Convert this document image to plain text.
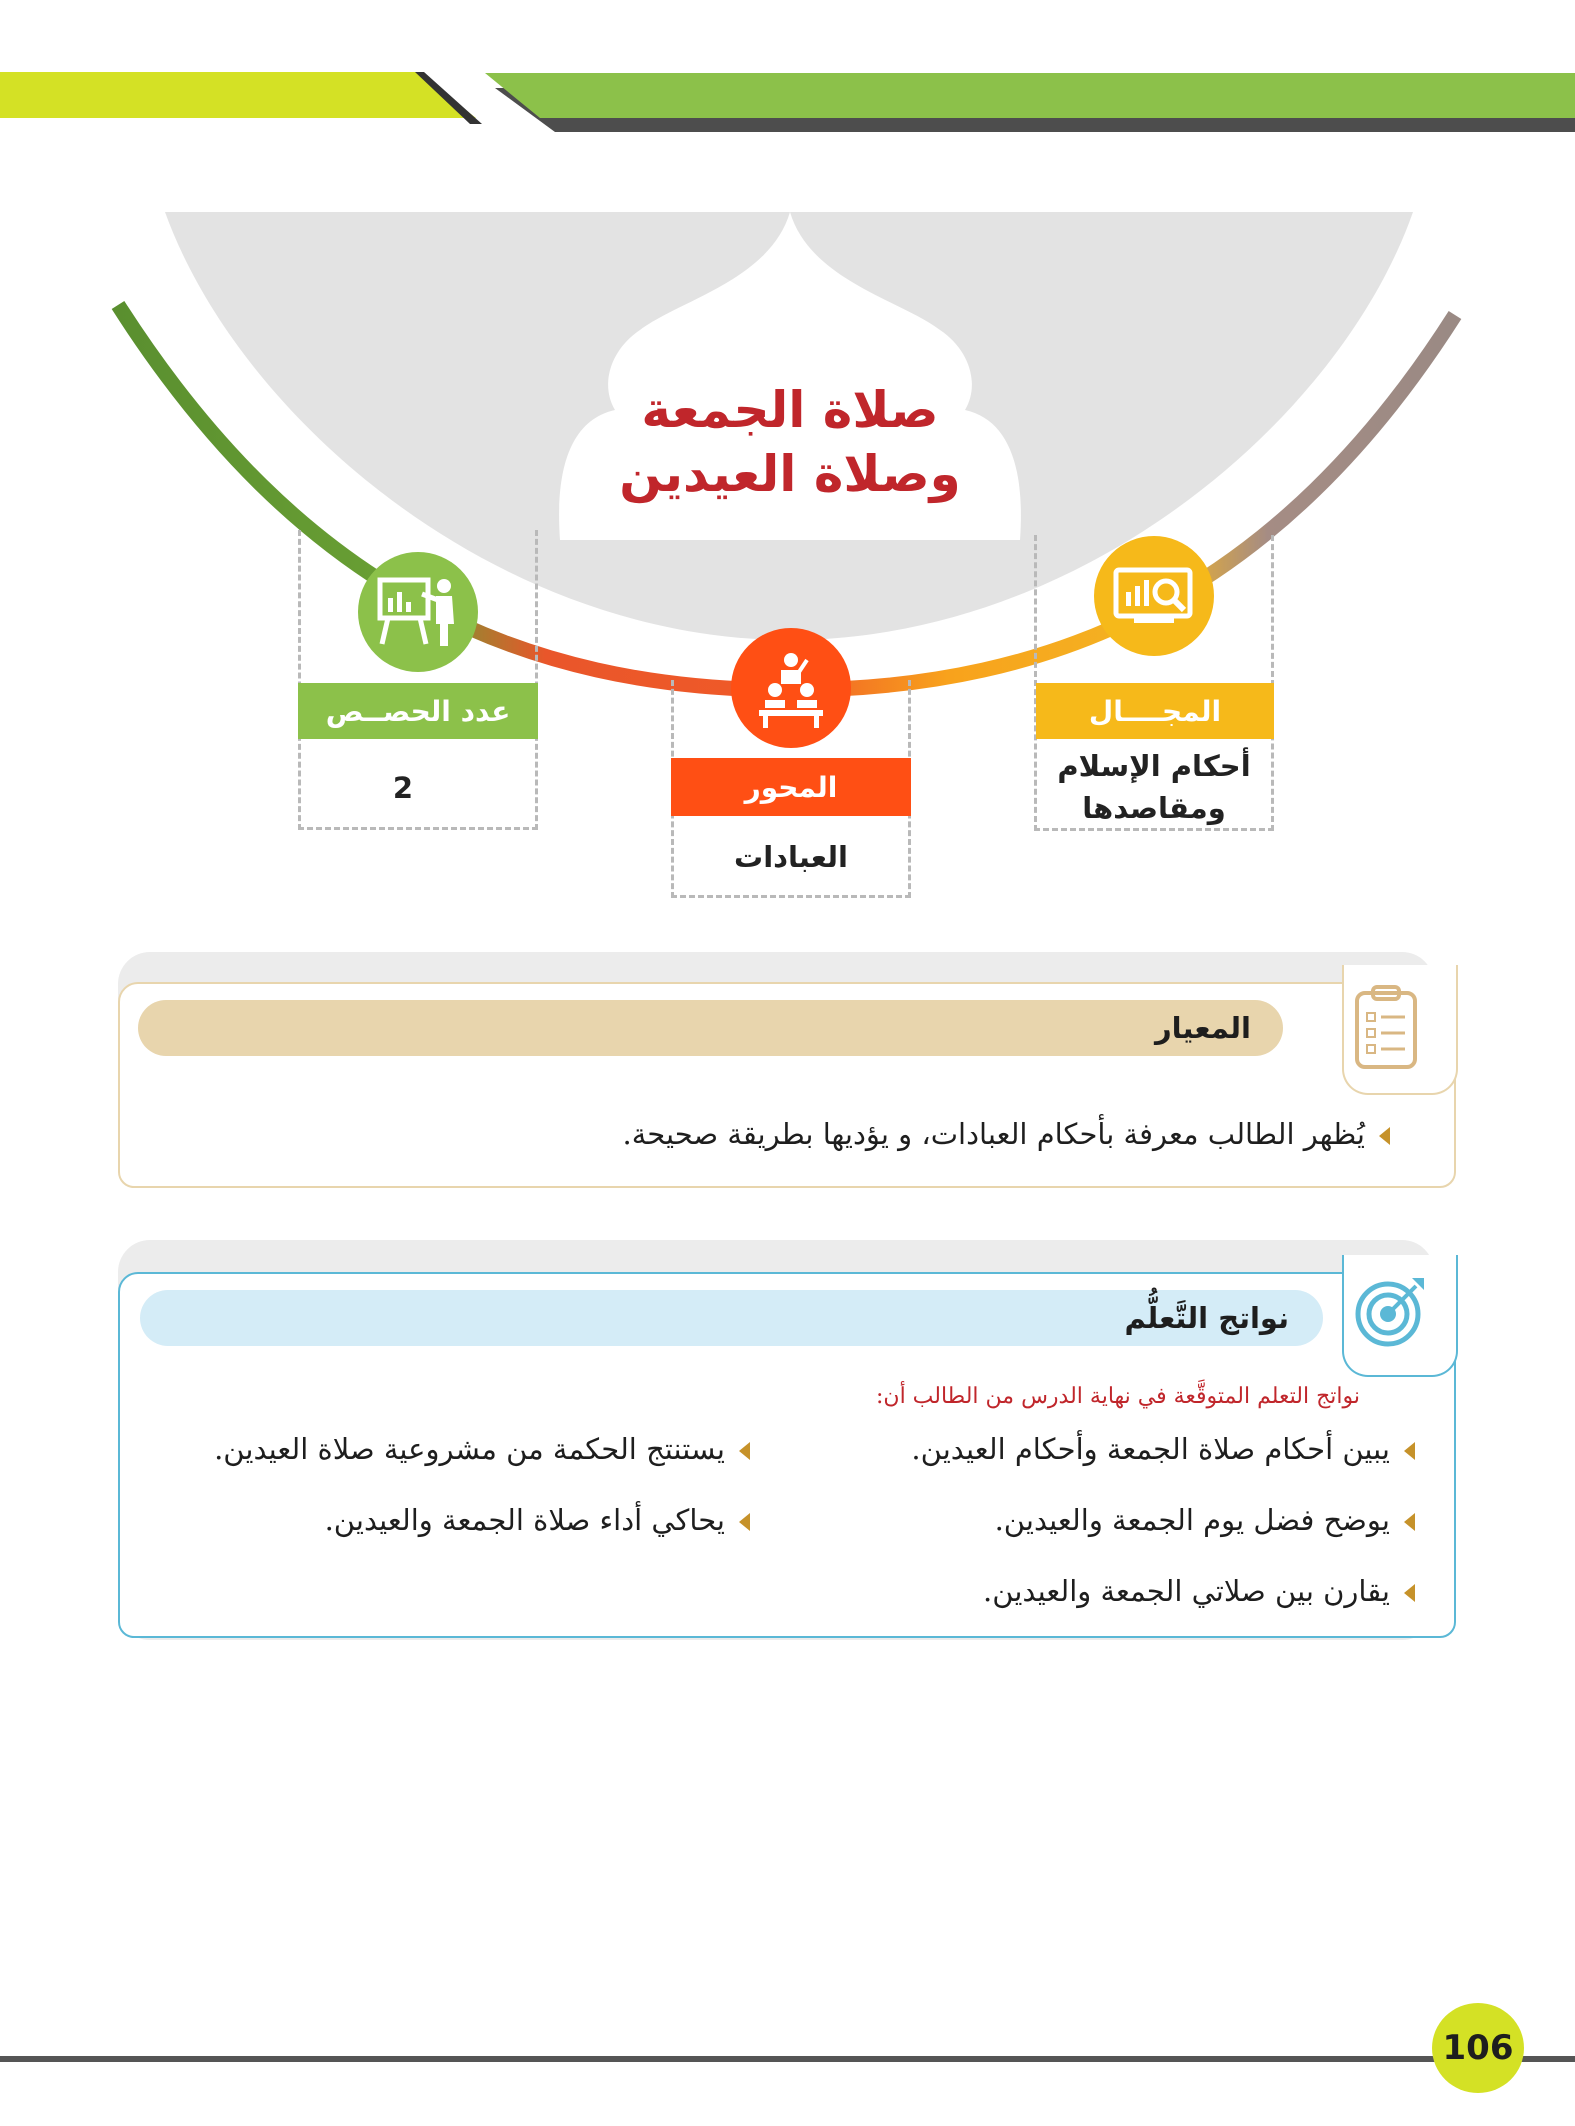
صلاة الجمعة
وصلاة العيدين
عدد الحصــص
2	المحور
العبادات
المجــــال
أحكام الإسلام
ومقاصدها
المعيار
يُظهر الطالب معرفة بأحكام العبادات، و يؤديها بطريقة صحيحة.
نواتج التَّعلُّم
نواتج التعلم المتوقَّعة في نهاية الدرس من الطالب أن:
يبين أحكام صلاة الجمعة وأحكام العيدين.
يوضح فضل يوم الجمعة والعيدين.
يقارن بين صلاتي الجمعة والعيدين.
يستنتج الحكمة من مشروعية صلاة العيدين.
يحاكي أداء صلاة الجمعة والعيدين.
106
